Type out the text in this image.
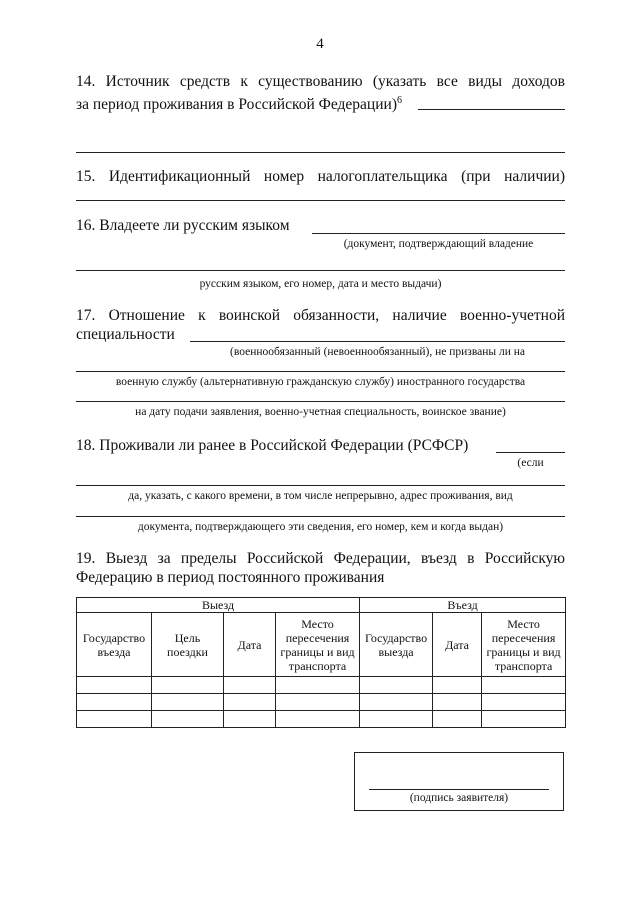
4
14. Источник средств к существованию (указать все виды доходов
за период проживания в Российской Федерации)$^6$
15. Идентификационный номер налогоплательщика (при наличии)
16. Владеете ли русским языком
(документ, подтверждающий владение
русским языком, его номер, дата и место выдачи)
17. Отношение к воинской обязанности, наличие военно-учетной
специальности
(военнообязанный (невоеннообязанный), не призваны ли на
военную службу (альтернативную гражданскую службу) иностранного государства
на дату подачи заявления, военно-учетная специальность, воинское звание)
18. Проживали ли ранее в Российской Федерации (РСФСР)
(если
да, указать, с какого времени, в том числе непрерывно, адрес проживания, вид
документа, подтверждающего эти сведения, его номер, кем и когда выдан)
19. Выезд за пределы Российской Федерации, въезд в Российскую
Федерацию в период постоянного проживания
Выезд				Въезд		
Государство въезда	Цель поездки	Дата	Место пересечения границы и вид транспорта	Государство выезда	Дата	Место пересечения границы и вид транспорта

(подпись заявителя)
